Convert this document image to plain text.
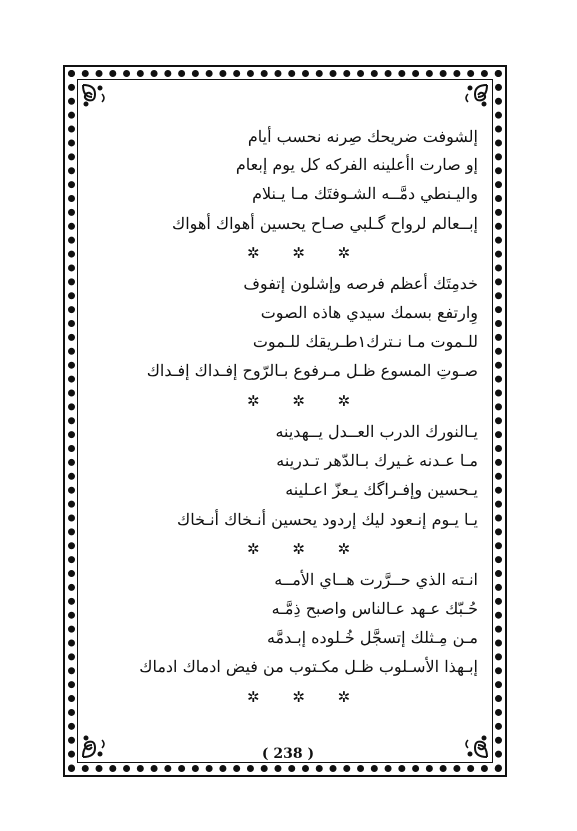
إلشوفت ضريحك صِرنه نحسب أيام
إو صارت اأعلينه الفركه كل يوم إبعام
واليـنطي دمَّــه الشـوفتَك مـا يـنلام
إبــعالم لرواح گـلبي صـاح يحسين أهواك أهواك
✲ ✲ ✲
خدمِتَك أعظم فرصه وإشلون إتفوف
وِارتفع بسمك سيدي هاذه الصوت
للـموت مـا نـترك۱طـريقك للـموت
صـوتِ المسوع ظـل مـرفوع بـالرّوح إفـداك إفـداك
✲ ✲ ✲
يـالنورك الدرب العــدل يــهدينه
مـا عـدنه غـيرك بـالدّهر تـدرينه
يـحسين وإفـراگك يـعزّ اعـلينه
يـا يـوم إنـعود ليك إردود يحسين أنـخاك أنـخاك
✲ ✲ ✲
انـته الذي حــرَّرت هــاي الأمــه
حُـبّك عـهد عـالناس واصبح ذِمَّـه
مـن مِـثلك إتسجَّل خُـلوده إبـدمَّه
إبـهذا الأسـلوب ظـل مكـتوب من فيض ادماك ادماك
✲ ✲ ✲
( 238 )
